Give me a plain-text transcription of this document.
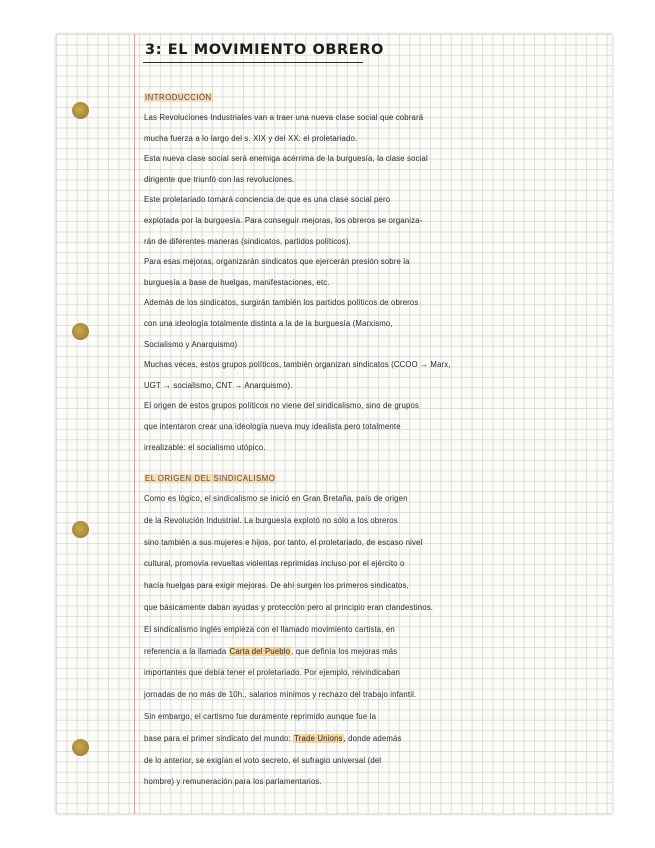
3: EL MOVIMIENTO OBRERO
INTRODUCCIÓN
Las Revoluciones Industriales van a traer una nueva clase social que cobrará
mucha fuerza a lo largo del s. XIX y del XX: el proletariado.
Esta nueva clase social será enemiga acérrima de la burguesía, la clase social
dirigente que triunfó con las revoluciones.
Este proletariado tomará conciencia de que es una clase social pero
explotada por la burguesía. Para conseguir mejoras, los obreros se organiza-
rán de diferentes maneras (sindicatos, partidos políticos).
Para esas mejoras, organizarán sindicatos que ejercerán presión sobre la
burguesía a base de huelgas, manifestaciones, etc.
Además de los sindicatos, surgirán también los partidos políticos de obreros
con una ideología totalmente distinta a la de la burguesía (Marxismo,
Socialismo y Anarquismo)
Muchas veces, estos grupos políticos, también organizan sindicatos (CCOO → Marx,
UGT → socialismo, CNT → Anarquismo).
El origen de estos grupos políticos no viene del sindicalismo, sino de grupos
que intentaron crear una ideología nueva muy idealista pero totalmente
irrealizable: el socialismo utópico.
EL ORIGEN DEL SINDICALISMO
Como es lógico, el sindicalismo se inició en Gran Bretaña, país de origen
de la Revolución Industrial. La burguesía explotó no sólo a los obreros
sino también a sus mujeres e hijos, por tanto, el proletariado, de escaso nivel
cultural, promovía revueltas violentas reprimidas incluso por el ejército o
hacía huelgas para exigir mejoras. De ahí surgen los primeros sindicatos,
que básicamente daban ayudas y protección pero al principio eran clandestinos.
El sindicalismo inglés empieza con el llamado movimiento cartista, en
referencia a la llamada Carta del Pueblo, que definía los mejoras más
importantes que debía tener el proletariado. Por ejemplo, reivindicaban
jornadas de no más de 10h., salarios mínimos y rechazo del trabajo infantil.
Sin embargo, el cartismo fue duramente reprimido aunque fue la
base para el primer sindicato del mundo: Trade Unions, donde además
de lo anterior, se exigían el voto secreto, el sufragio universal (del
hombre) y remuneración para los parlamentarios.
